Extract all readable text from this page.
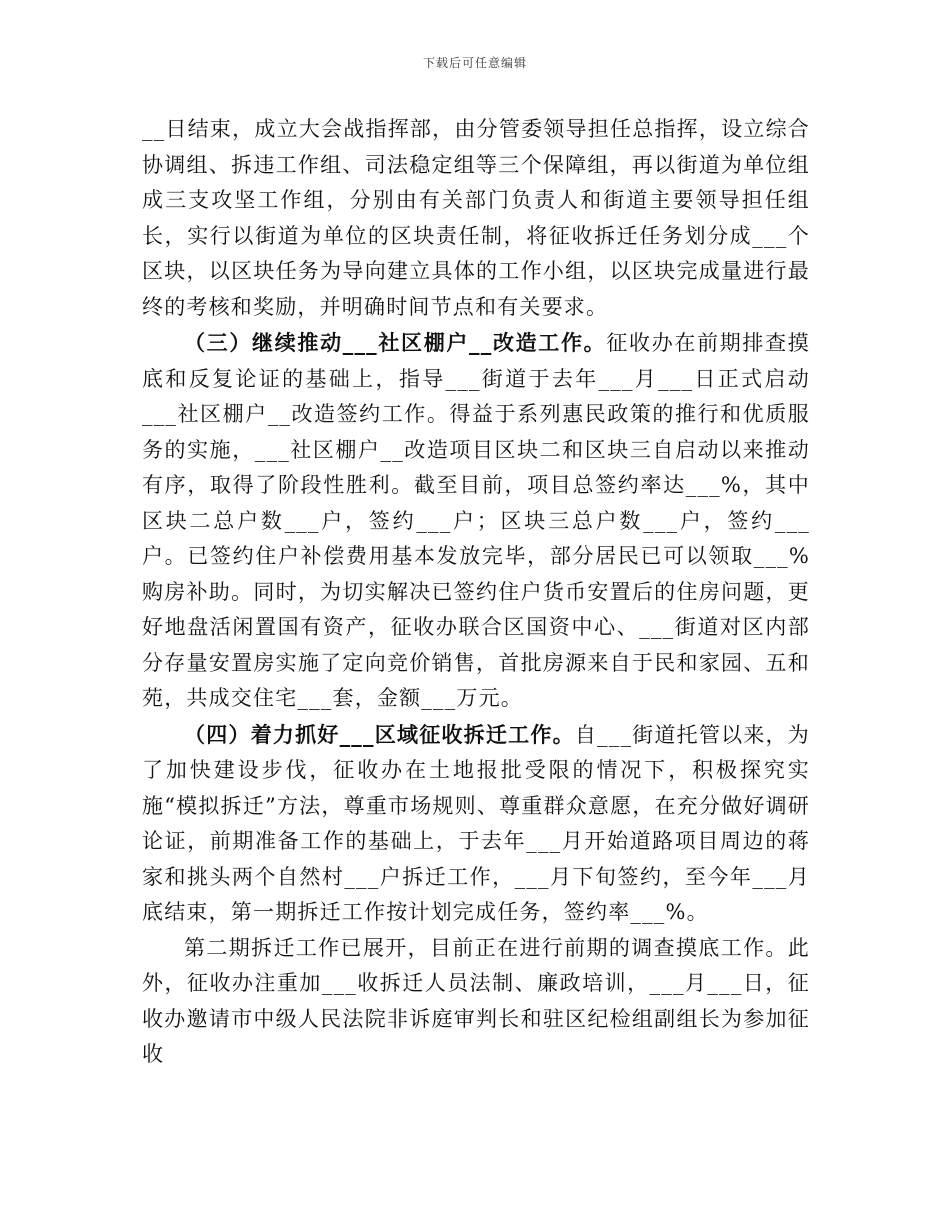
下载后可任意编辑

__日结束，成立大会战指挥部，由分管委领导担任总指挥，设立综合协调组、拆违工作组、司法稳定组等三个保障组，再以街道为单位组成三支攻坚工作组，分别由有关部门负责人和街道主要领导担任组长，实行以街道为单位的区块责任制，将征收拆迁任务划分成___个区块，以区块任务为导向建立具体的工作小组，以区块完成量进行最终的考核和奖励，并明确时间节点和有关要求。

（三）继续推动___社区棚户__改造工作。征收办在前期排查摸底和反复论证的基础上，指导___街道于去年___月___日正式启动___社区棚户__改造签约工作。得益于系列惠民政策的推行和优质服务的实施，___社区棚户__改造项目区块二和区块三自启动以来推动有序，取得了阶段性胜利。截至目前，项目总签约率达___%，其中区块二总户数___户，签约___户；区块三总户数___户，签约___户。已签约住户补偿费用基本发放完毕，部分居民已可以领取___%购房补助。同时，为切实解决已签约住户货币安置后的住房问题，更好地盘活闲置国有资产，征收办联合区国资中心、___街道对区内部分存量安置房实施了定向竞价销售，首批房源来自于民和家园、五和苑，共成交住宅___套，金额___万元。

（四）着力抓好___区域征收拆迁工作。自___街道托管以来，为了加快建设步伐，征收办在土地报批受限的情况下，积极探究实施“模拟拆迁”方法，尊重市场规则、尊重群众意愿，在充分做好调研论证，前期准备工作的基础上，于去年___月开始道路项目周边的蒋家和挑头两个自然村___户拆迁工作，___月下旬签约，至今年___月底结束，第一期拆迁工作按计划完成任务，签约率___%。

第二期拆迁工作已展开，目前正在进行前期的调查摸底工作。此外，征收办注重加___收拆迁人员法制、廉政培训，___月___日，征收办邀请市中级人民法院非诉庭审判长和驻区纪检组副组长为参加征收
